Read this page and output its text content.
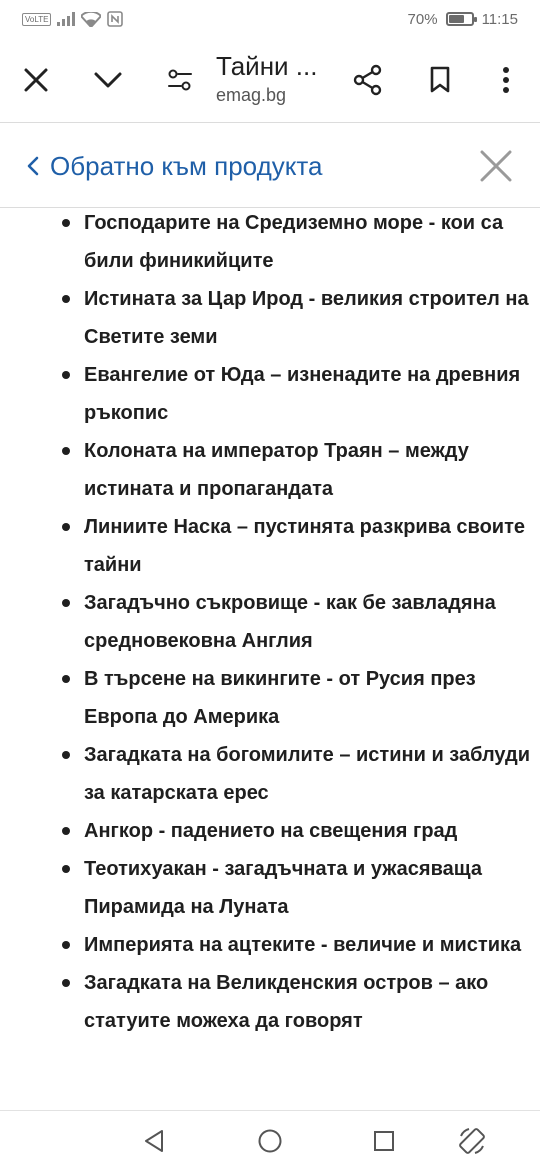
VoLTE	70%	11:15
Тайни ...
emag.bg
Обратно към продукта
Господарите на Средиземно море - кои са били финикийците
Истината за Цар Ирод - великия строител на Светите земи
Евангелие от Юда – изненадите на древния ръкопис
Колоната на император Траян – между истината и пропагандата
Линиите Наска – пустинята разкрива своите тайни
Загадъчно съкровище - как бе завладяна средновековна Англия
В търсене на викингите - от Русия през Европа до Америка
Загадката на богомилите – истини и заблуди за катарската ерес
Ангкор - падението на свещения град
Теотихуакан - загадъчната и ужасяваща Пирамида на Луната
Империята на ацтеките - величие и мистика
Загадката на Великденския остров – ако статуите можеха да говорят
